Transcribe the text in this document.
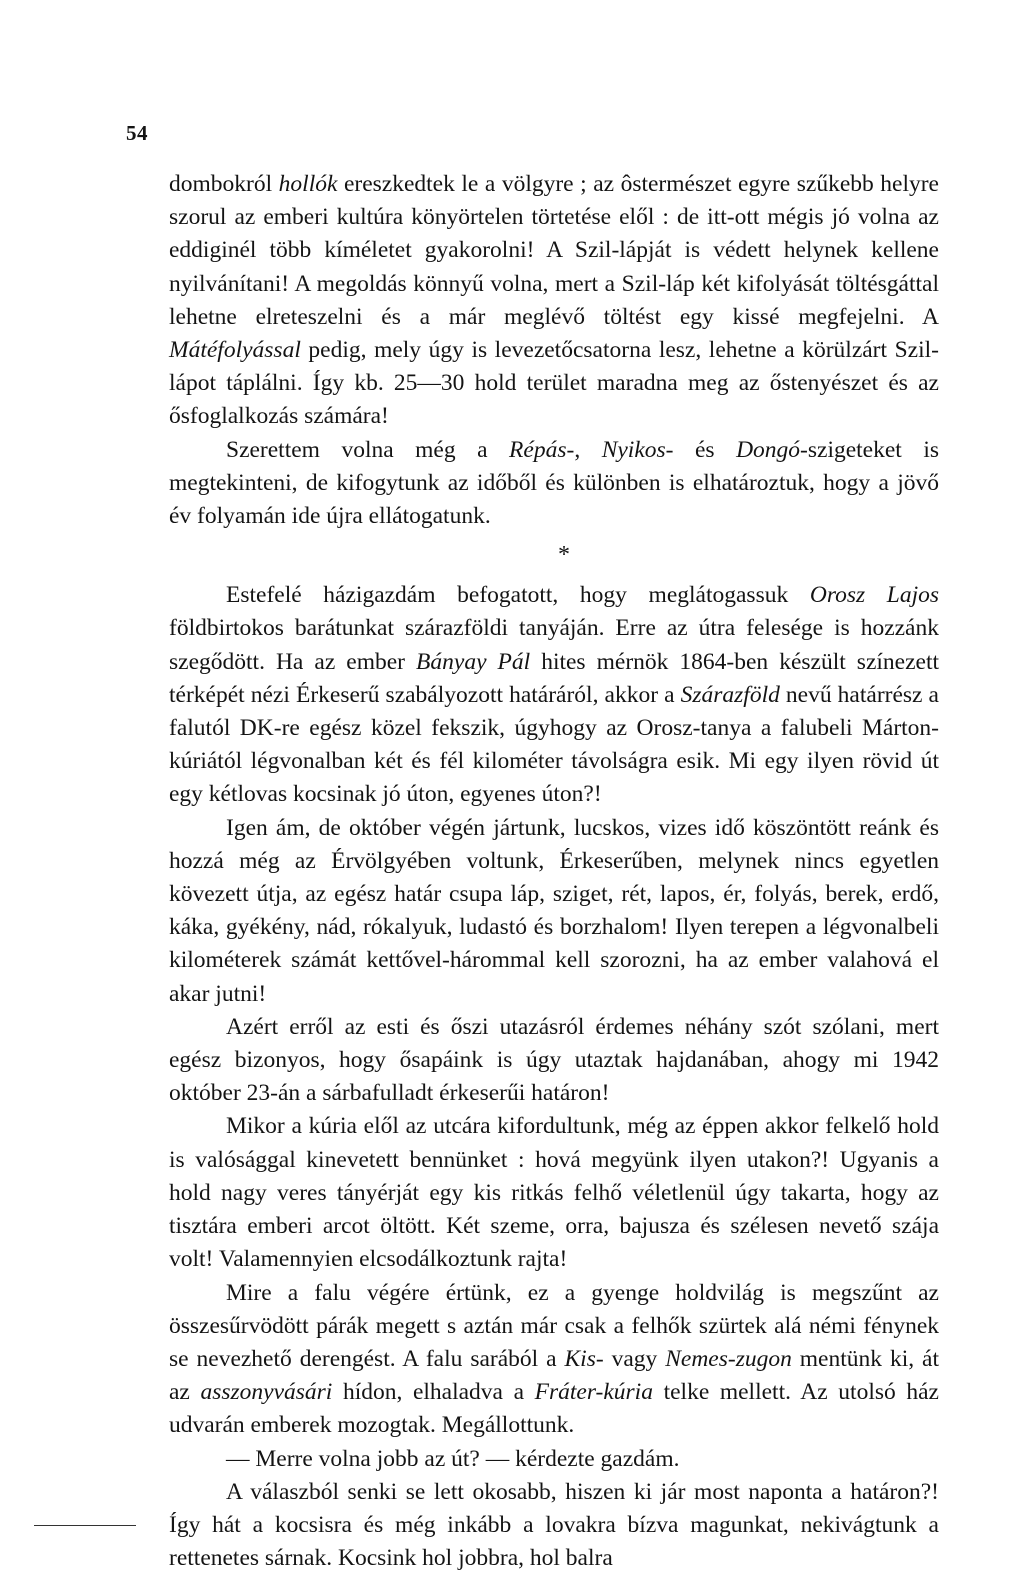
54

dombokról hollók ereszkedtek le a völgyre ; az ôstermészet egyre szűkebb helyre szorul az emberi kultúra könyörtelen törtetése elől : de itt-ott mégis jó volna az eddiginél több kíméletet gyakorolni! A Szil-lápját is védett helynek kellene nyilvánítani! A megoldás könnyű volna, mert a Szil-láp két kifolyását töltésgáttal lehetne elreteszelni és a már meglévő töltést egy kissé megfejelni. A Mátéfolyással pedig, mely úgy is levezetőcsatorna lesz, lehetne a körülzárt Szil-lápot táplálni. Így kb. 25—30 hold terület maradna meg az őstenyészet és az ősfoglalkozás számára!

Szerettem volna még a Répás-, Nyikos- és Dongó-szigeteket is megtekinteni, de kifogytunk az időből és különben is elhatároztuk, hogy a jövő év folyamán ide újra ellátogatunk.

*

Estefelé házigazdám befogatott, hogy meglátogassuk Orosz Lajos földbirtokos barátunkat szárazföldi tanyáján. Erre az útra felesége is hozzánk szegődött. Ha az ember Bányay Pál hites mérnök 1864-ben készült színezett térképét nézi Érkeserű szabályozott határáról, akkor a Szárazföld nevű határrész a falutól DK-re egész közel fekszik, úgyhogy az Orosz-tanya a falubeli Márton-kúriától légvonalban két és fél kilométer távolságra esik. Mi egy ilyen rövid út egy kétlovas kocsinak jó úton, egyenes úton?!

Igen ám, de október végén jártunk, lucskos, vizes idő köszöntött reánk és hozzá még az Érvölgyében voltunk, Érkeserűben, melynek nincs egyetlen kövezett útja, az egész határ csupa láp, sziget, rét, lapos, ér, folyás, berek, erdő, káka, gyékény, nád, rókalyuk, ludastó és borzhalom! Ilyen terepen a légvonalbeli kilométerek számát kettővel-hárommal kell szorozni, ha az ember valahová el akar jutni!

Azért erről az esti és őszi utazásról érdemes néhány szót szólani, mert egész bizonyos, hogy ősapáink is úgy utaztak hajdanában, ahogy mi 1942 október 23-án a sárbafulladt érkeserűi határon!

Mikor a kúria elől az utcára kifordultunk, még az éppen akkor felkelő hold is valósággal kinevetett bennünket : hová megyünk ilyen utakon?! Ugyanis a hold nagy veres tányérját egy kis ritkás felhő véletlenül úgy takarta, hogy az tisztára emberi arcot öltött. Két szeme, orra, bajusza és szélesen nevető szája volt! Valamennyien elcsodálkoztunk rajta!

Mire a falu végére értünk, ez a gyenge holdvilág is megszűnt az összesűrvödött párák megett s aztán már csak a felhők szürtek alá némi fénynek se nevezhető derengést. A falu sarából a Kis- vagy Nemes-zugon mentünk ki, át az asszonyvásári hídon, elhaladva a Fráter-kúria telke mellett. Az utolsó ház udvarán emberek mozogtak. Megállottunk.

— Merre volna jobb az út? — kérdezte gazdám.

A válaszból senki se lett okosabb, hiszen ki jár most naponta a határon?! Így hát a kocsisra és még inkább a lovakra bízva magunkat, nekivágtunk a rettenetes sárnak. Kocsink hol jobbra, hol balra
